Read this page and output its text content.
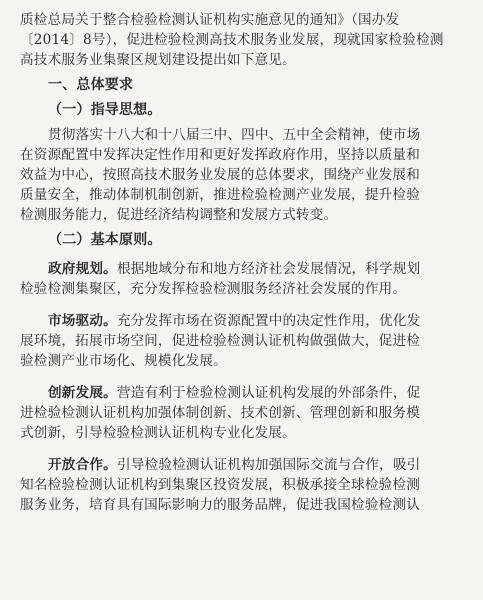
质检总局关于整合检验检测认证机构实施意见的通知》（国办发
〔2014〕8号），促进检验检测高技术服务业发展，现就国家检验检测
高技术服务业集聚区规划建设提出如下意见。
一、总体要求
（一）指导思想。
贯彻落实十八大和十八届三中、四中、五中全会精神，使市场
在资源配置中发挥决定性作用和更好发挥政府作用，坚持以质量和
效益为中心，按照高技术服务业发展的总体要求，围绕产业发展和
质量安全，推动体制机制创新，推进检验检测产业发展，提升检验
检测服务能力，促进经济结构调整和发展方式转变。
（二）基本原则。
政府规划。根据地域分布和地方经济社会发展情况，科学规划
检验检测集聚区，充分发挥检验检测服务经济社会发展的作用。
市场驱动。充分发挥市场在资源配置中的决定性作用，优化发
展环境，拓展市场空间，促进检验检测认证机构做强做大，促进检
验检测产业市场化、规模化发展。
创新发展。营造有利于检验检测认证机构发展的外部条件，促
进检验检测认证机构加强体制创新、技术创新、管理创新和服务模
式创新，引导检验检测认证机构专业化发展。
开放合作。引导检验检测认证机构加强国际交流与合作，吸引
知名检验检测认证机构到集聚区投资发展，积极承接全球检验检测
服务业务，培育具有国际影响力的服务品牌，促进我国检验检测认
